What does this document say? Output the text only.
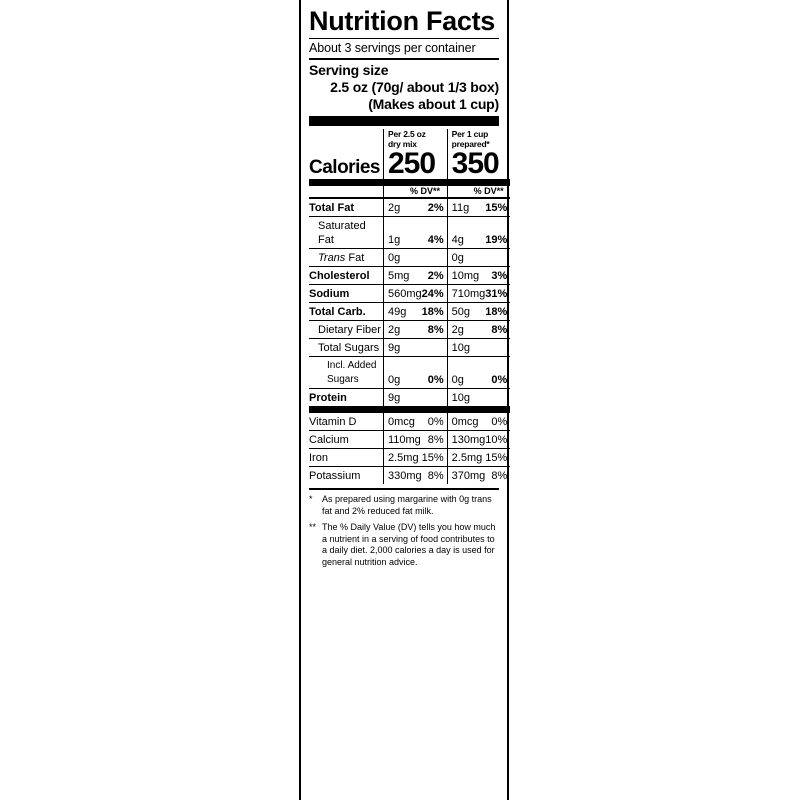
Nutrition Facts
About 3 servings per container
Serving size
2.5 oz (70g/ about 1/3 box)
(Makes about 1 cup)
	Per 2.5 oz
dry mix		Per 1 cup
prepared*	
Calories	250		350	

	% DV**		% DV**	

Total Fat	2g	2%	11g	15%

Saturated Fat	1g	4%	4g	19%

Trans Fat	0g		0g	

Cholesterol	5mg	2%	10mg	3%

Sodium	560mg	24%	710mg	31%

Total Carb.	49g	18%	50g	18%

Dietary Fiber	2g	8%	2g	8%

Total Sugars	9g		10g	

Incl. Added Sugars	0g	0%	0g	0%

Protein	9g		10g	

Vitamin D	0mcg	0%	0mcg	0%

Calcium	110mg	8%	130mg	10%

Iron	2.5mg	15%	2.5mg	15%

Potassium	330mg	8%	370mg	8%
*	As prepared using margarine with 0g trans fat and 2% reduced fat milk.
** The % Daily Value (DV) tells you how much a nutrient in a serving of food contributes to a daily diet. 2,000 calories a day is used for general nutrition advice.
